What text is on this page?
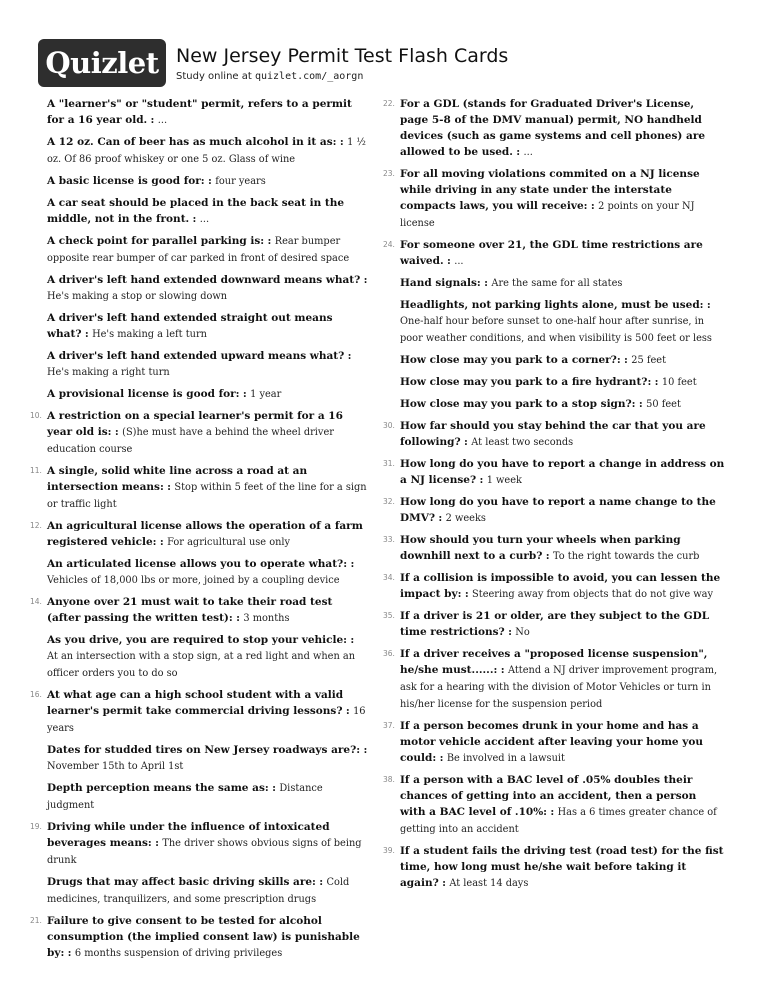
Quizlet New Jersey Permit Test Flash Cards
Study online at quizlet.com/_aorgn
A "learner's" or "student" permit, refers to a permit for a 16 year old. : ...
A 12 oz. Can of beer has as much alcohol in it as: : 1 ½ oz. Of 86 proof whiskey or one 5 oz. Glass of wine
A basic license is good for: : four years
A car seat should be placed in the back seat in the middle, not in the front. : ...
A check point for parallel parking is: : Rear bumper opposite rear bumper of car parked in front of desired space
A driver's left hand extended downward means what? : He's making a stop or slowing down
A driver's left hand extended straight out means what? : He's making a left turn
A driver's left hand extended upward means what? : He's making a right turn
A provisional license is good for: : 1 year
10. A restriction on a special learner's permit for a 16 year old is: : (S)he must have a behind the wheel driver education course
11. A single, solid white line across a road at an intersection means: : Stop within 5 feet of the line for a sign or traffic light
12. An agricultural license allows the operation of a farm registered vehicle: : For agricultural use only
An articulated license allows you to operate what?: : Vehicles of 18,000 lbs or more, joined by a coupling device
14. Anyone over 21 must wait to take their road test (after passing the written test): : 3 months
As you drive, you are required to stop your vehicle: : At an intersection with a stop sign, at a red light and when an officer orders you to do so
16. At what age can a high school student with a valid learner's permit take commercial driving lessons? : 16 years
Dates for studded tires on New Jersey roadways are?: : November 15th to April 1st
Depth perception means the same as: : Distance judgment
19. Driving while under the influence of intoxicated beverages means: : The driver shows obvious signs of being drunk
Drugs that may affect basic driving skills are: : Cold medicines, tranquilizers, and some prescription drugs
21. Failure to give consent to be tested for alcohol consumption (the implied consent law) is punishable by: : 6 months suspension of driving privileges
22. For a GDL (stands for Graduated Driver's License, page 5-8 of the DMV manual) permit, NO handheld devices (such as game systems and cell phones) are allowed to be used. : ...
23. For all moving violations commited on a NJ license while driving in any state under the interstate compacts laws, you will receive: : 2 points on your NJ license
24. For someone over 21, the GDL time restrictions are waived. : ...
Hand signals: : Are the same for all states
Headlights, not parking lights alone, must be used: : One-half hour before sunset to one-half hour after sunrise, in poor weather conditions, and when visibility is 500 feet or less
How close may you park to a corner?: : 25 feet
How close may you park to a fire hydrant?: : 10 feet
How close may you park to a stop sign?: : 50 feet
30. How far should you stay behind the car that you are following? : At least two seconds
31. How long do you have to report a change in address on a NJ license? : 1 week
32. How long do you have to report a name change to the DMV? : 2 weeks
33. How should you turn your wheels when parking downhill next to a curb? : To the right towards the curb
34. If a collision is impossible to avoid, you can lessen the impact by: : Steering away from objects that do not give way
35. If a driver is 21 or older, are they subject to the GDL time restrictions? : No
36. If a driver receives a "proposed license suspension", he/she must......: : Attend a NJ driver improvement program, ask for a hearing with the division of Motor Vehicles or turn in his/her license for the suspension period
37. If a person becomes drunk in your home and has a motor vehicle accident after leaving your home you could: : Be involved in a lawsuit
38. If a person with a BAC level of .05% doubles their chances of getting into an accident, then a person with a BAC level of .10%: : Has a 6 times greater chance of getting into an accident
39. If a student fails the driving test (road test) for the fist time, how long must he/she wait before taking it again? : At least 14 days
